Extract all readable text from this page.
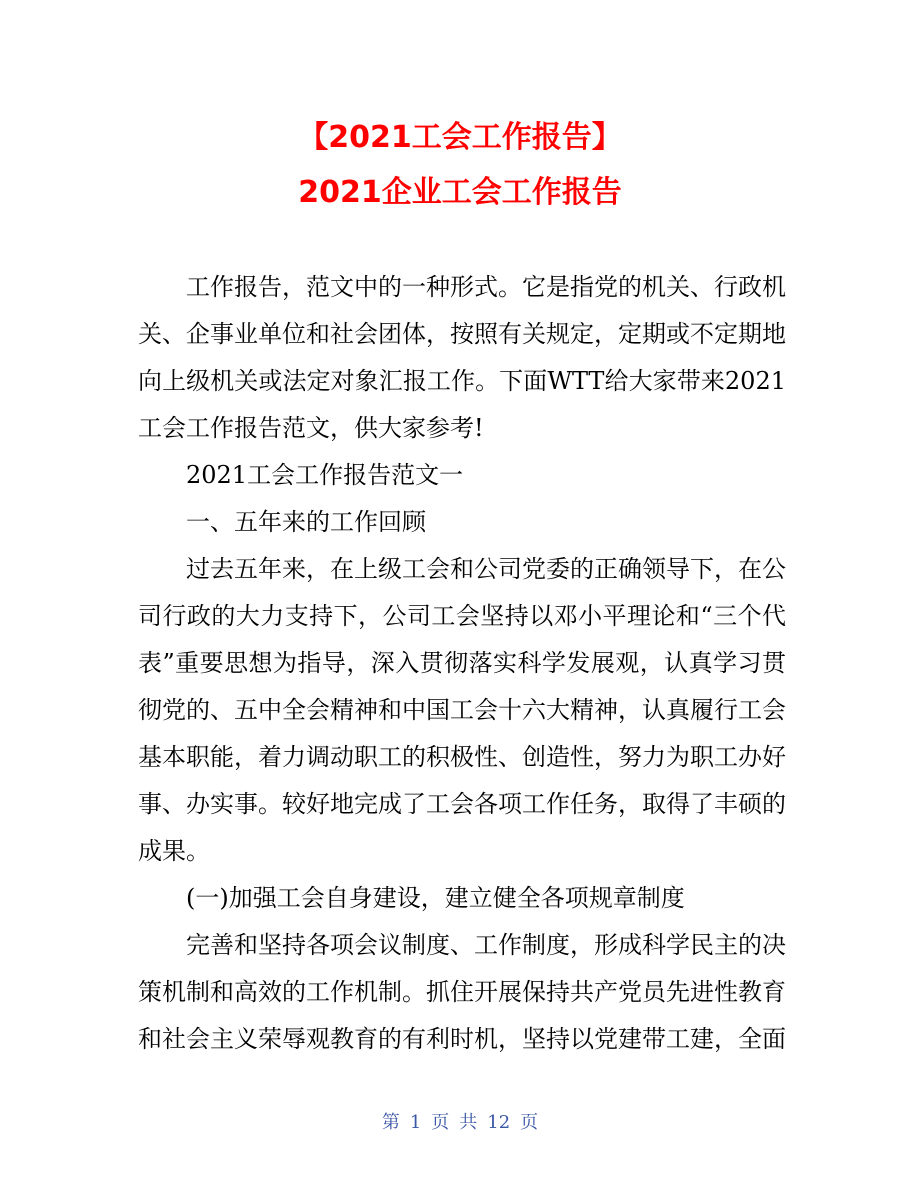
【2021工会工作报告】
2021企业工会工作报告

工作报告，范文中的一种形式。它是指党的机关、行政机关、企事业单位和社会团体，按照有关规定，定期或不定期地向上级机关或法定对象汇报工作。下面WTT给大家带来2021工会工作报告范文，供大家参考!

2021工会工作报告范文一

一、五年来的工作回顾

过去五年来，在上级工会和公司党委的正确领导下，在公司行政的大力支持下，公司工会坚持以邓小平理论和“三个代表”重要思想为指导，深入贯彻落实科学发展观，认真学习贯彻党的、五中全会精神和中国工会十六大精神，认真履行工会基本职能，着力调动职工的积极性、创造性，努力为职工办好事、办实事。较好地完成了工会各项工作任务，取得了丰硕的成果。

(一)加强工会自身建设，建立健全各项规章制度

完善和坚持各项会议制度、工作制度，形成科学民主的决策机制和高效的工作机制。抓住开展保持共产党员先进性教育和社会主义荣辱观教育的有利时机，坚持以党建带工建，全面

第 1 页 共 12 页
